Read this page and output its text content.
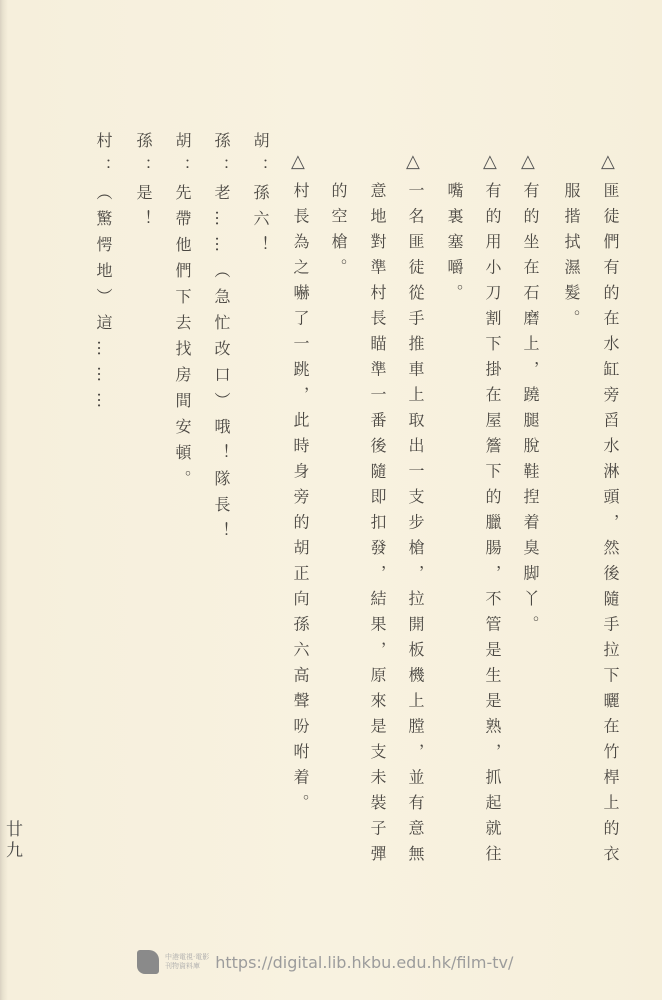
△
匪徒們有的在水缸旁舀水淋頭，然後隨手拉下曬在竹桿上的衣
服揩拭濕髮。
△
有的坐在石磨上，蹺腿脫鞋揑着臭脚丫。
△
有的用小刀割下掛在屋簷下的臘腸，不管是生是熟，抓起就往
嘴裏塞嚼。
△
一名匪徒從手推車上取出一支步槍，拉開板機上膛，並有意無
意地對準村長瞄準一番後隨即扣發，結果，原來是支未裝子彈
的空槍。
△
村長為之嚇了一跳，此時身旁的胡正向孫六高聲吩咐着。
胡：孫六！
孫：老……（急忙改口）哦！隊長！
胡：先帶他們下去找房間安頓。
孫：是！
村：（驚愕地）這………
廿九
中港電視‧電影
刊物資料庫 https://digital.lib.hkbu.edu.hk/film-tv/
